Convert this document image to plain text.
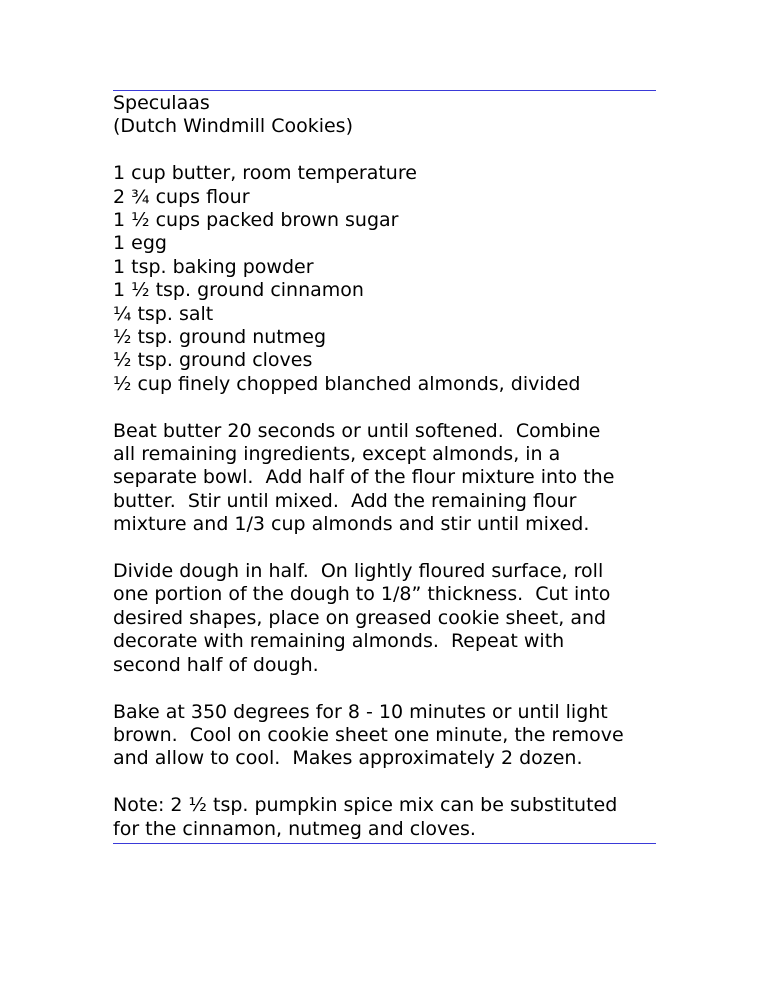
Speculaas
(Dutch Windmill Cookies)
1 cup butter, room temperature
2 ¾ cups flour
1 ½ cups packed brown sugar
1 egg
1 tsp. baking powder
1 ½ tsp. ground cinnamon
¼ tsp. salt
½ tsp. ground nutmeg
½ tsp. ground cloves
½ cup finely chopped blanched almonds, divided
Beat butter 20 seconds or until softened.  Combine
all remaining ingredients, except almonds, in a
separate bowl.  Add half of the flour mixture into the
butter.  Stir until mixed.  Add the remaining flour
mixture and 1/3 cup almonds and stir until mixed.
Divide dough in half.  On lightly floured surface, roll
one portion of the dough to 1/8” thickness.  Cut into
desired shapes, place on greased cookie sheet, and
decorate with remaining almonds.  Repeat with
second half of dough.
Bake at 350 degrees for 8 - 10 minutes or until light
brown.  Cool on cookie sheet one minute, the remove
and allow to cool.  Makes approximately 2 dozen.
Note: 2 ½ tsp. pumpkin spice mix can be substituted
for the cinnamon, nutmeg and cloves.
